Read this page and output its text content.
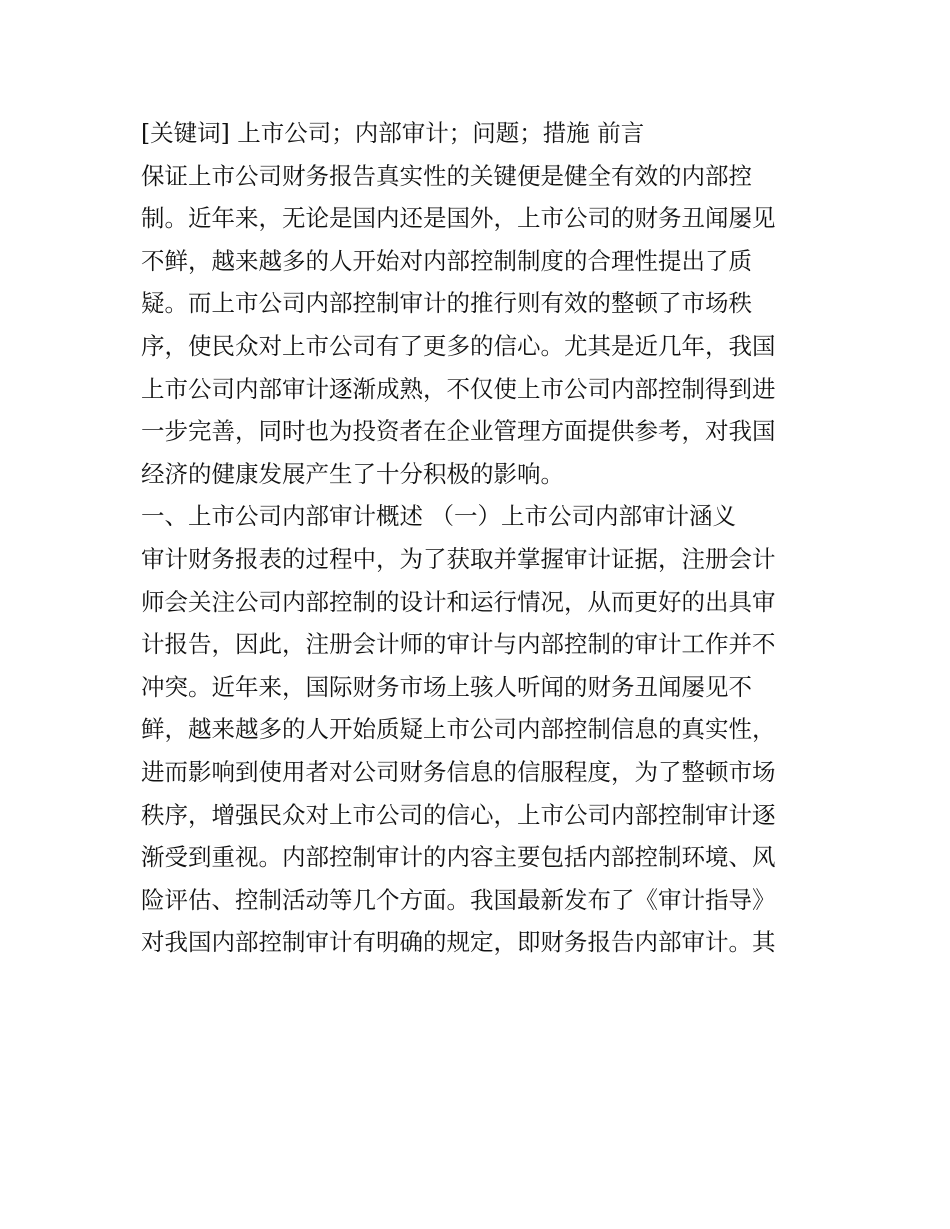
[关键词] 上市公司；内部审计；问题；措施 前言
保证上市公司财务报告真实性的关键便是健全有效的内部控
制。近年来，无论是国内还是国外，上市公司的财务丑闻屡见
不鲜，越来越多的人开始对内部控制制度的合理性提出了质
疑。而上市公司内部控制审计的推行则有效的整顿了市场秩
序，使民众对上市公司有了更多的信心。尤其是近几年，我国
上市公司内部审计逐渐成熟，不仅使上市公司内部控制得到进
一步完善，同时也为投资者在企业管理方面提供参考，对我国
经济的健康发展产生了十分积极的影响。
一、上市公司内部审计概述 （一）上市公司内部审计涵义
审计财务报表的过程中，为了获取并掌握审计证据，注册会计
师会关注公司内部控制的设计和运行情况，从而更好的出具审
计报告，因此，注册会计师的审计与内部控制的审计工作并不
冲突。近年来，国际财务市场上骇人听闻的财务丑闻屡见不
鲜，越来越多的人开始质疑上市公司内部控制信息的真实性，
进而影响到使用者对公司财务信息的信服程度，为了整顿市场
秩序，增强民众对上市公司的信心，上市公司内部控制审计逐
渐受到重视。内部控制审计的内容主要包括内部控制环境、风
险评估、控制活动等几个方面。我国最新发布了《审计指导》
对我国内部控制审计有明确的规定，即财务报告内部审计。其
